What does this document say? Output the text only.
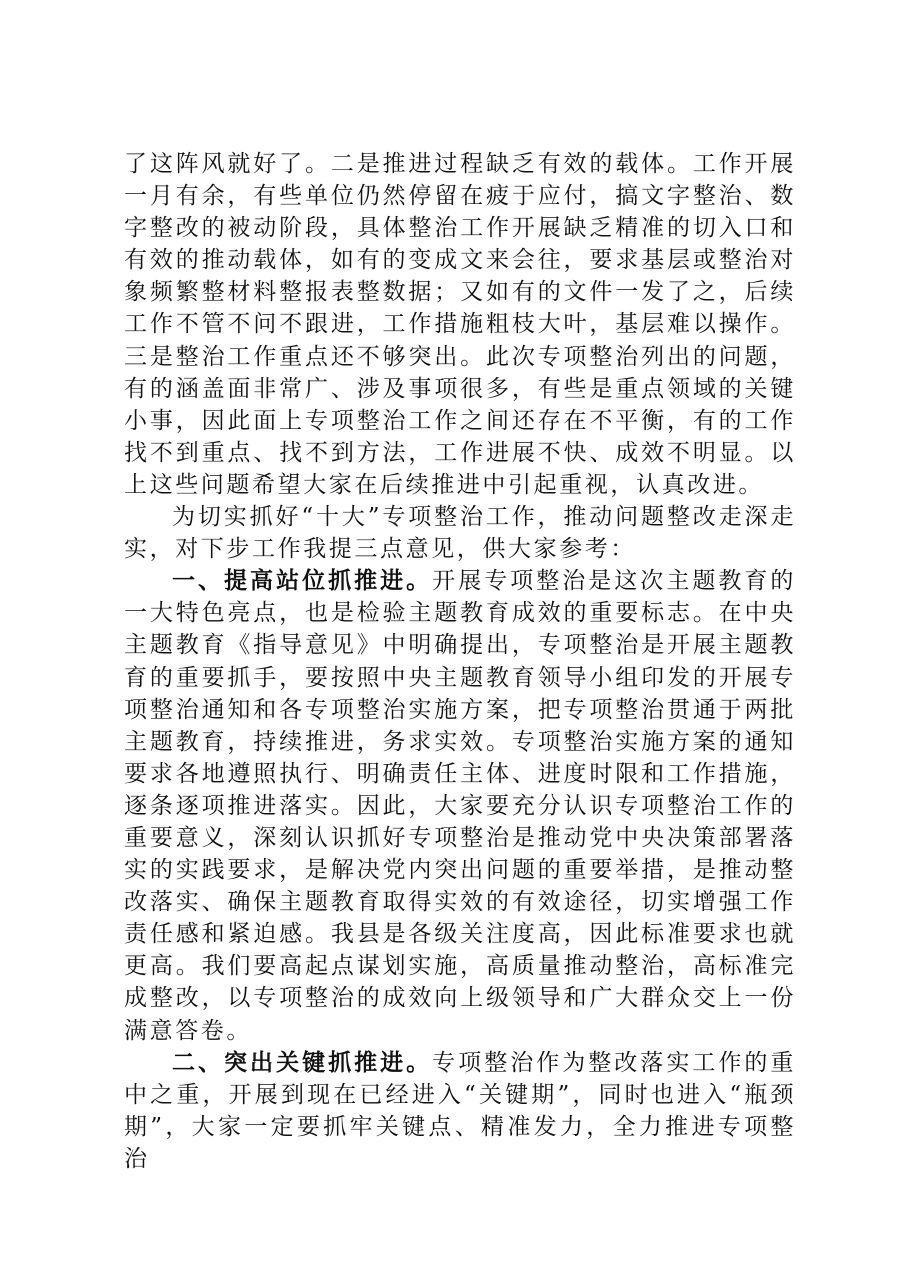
了这阵风就好了。二是推进过程缺乏有效的载体。工作开展一月有余，有些单位仍然停留在疲于应付，搞文字整治、数字整改的被动阶段，具体整治工作开展缺乏精准的切入口和有效的推动载体，如有的变成文来会往，要求基层或整治对象频繁整材料整报表整数据；又如有的文件一发了之，后续工作不管不问不跟进，工作措施粗枝大叶，基层难以操作。三是整治工作重点还不够突出。此次专项整治列出的问题，有的涵盖面非常广、涉及事项很多，有些是重点领域的关键小事，因此面上专项整治工作之间还存在不平衡，有的工作找不到重点、找不到方法，工作进展不快、成效不明显。以上这些问题希望大家在后续推进中引起重视，认真改进。

为切实抓好“十大”专项整治工作，推动问题整改走深走实，对下步工作我提三点意见，供大家参考：

一、提高站位抓推进。开展专项整治是这次主题教育的一大特色亮点，也是检验主题教育成效的重要标志。在中央主题教育《指导意见》中明确提出，专项整治是开展主题教育的重要抓手，要按照中央主题教育领导小组印发的开展专项整治通知和各专项整治实施方案，把专项整治贯通于两批主题教育，持续推进，务求实效。专项整治实施方案的通知要求各地遵照执行、明确责任主体、进度时限和工作措施，逐条逐项推进落实。因此，大家要充分认识专项整治工作的重要意义，深刻认识抓好专项整治是推动党中央决策部署落实的实践要求，是解决党内突出问题的重要举措，是推动整改落实、确保主题教育取得实效的有效途径，切实增强工作责任感和紧迫感。我县是各级关注度高，因此标准要求也就更高。我们要高起点谋划实施，高质量推动整治，高标准完成整改，以专项整治的成效向上级领导和广大群众交上一份满意答卷。

二、突出关键抓推进。专项整治作为整改落实工作的重中之重，开展到现在已经进入“关键期”，同时也进入“瓶颈期”，大家一定要抓牢关键点、精准发力，全力推进专项整治
